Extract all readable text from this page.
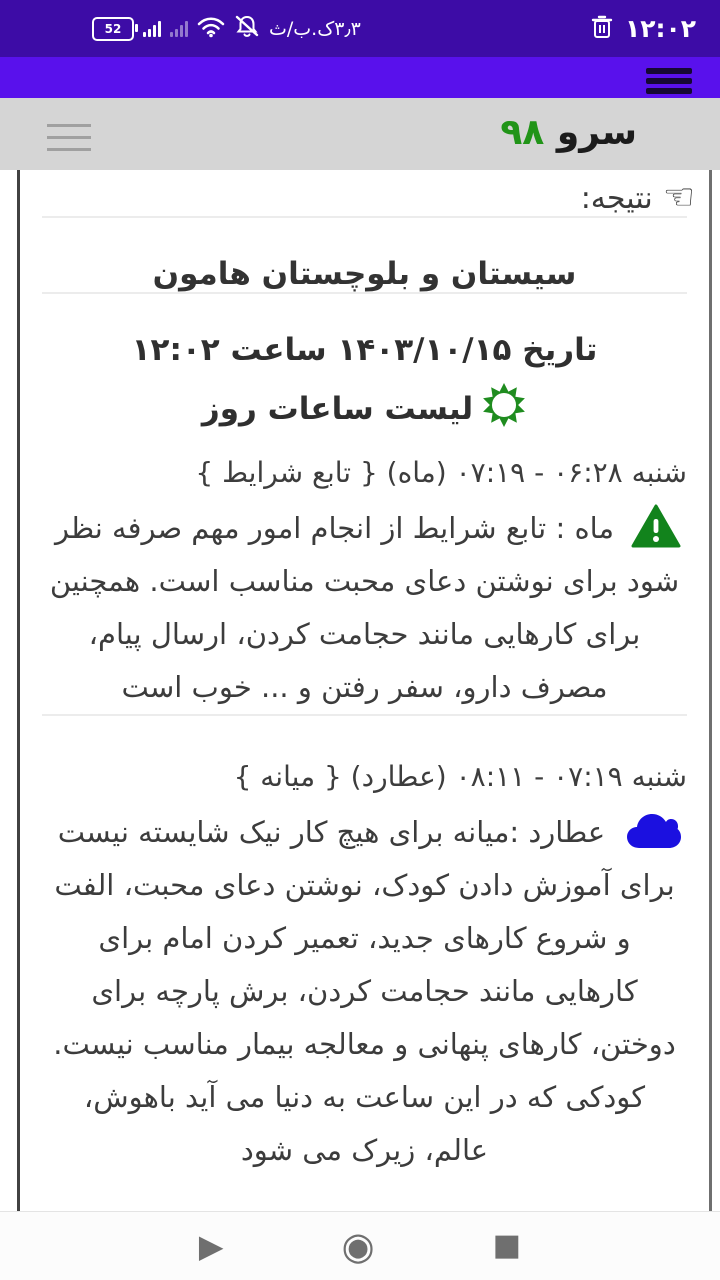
52	۳٫۳ک.ب/ث	۱۲:۰۲
سرو ۹۸
☜
نتیجه:
سیستان و بلوچستان هامون
تاریخ ۱۴۰۳/۱۰/۱۵ ساعت ۱۲:۰۲
لیست ساعات روز
شنبه ۰۶:۲۸ - ۰۷:۱۹ (ماه) { تابع شرایط }

ماه : تابع شرایط از انجام امور مهم صرفه نظر شود برای نوشتن دعای محبت مناسب است. همچنین برای کارهایی مانند حجامت کردن، ارسال پیام، مصرف دارو، سفر رفتن و ... خوب است

شنبه ۰۷:۱۹ - ۰۸:۱۱ (عطارد) { میانه }

عطارد :میانه برای هیچ کار نیک شایسته نیست برای آموزش دادن کودک، نوشتن دعای محبت، الفت و شروع کارهای جدید، تعمیر کردن امام برای کارهایی مانند حجامت کردن، برش پارچه برای دوختن، کارهای پنهانی و معالجه بیمار مناسب نیست. کودکی که در این ساعت به دنیا می آید باهوش، عالم، زیرک می شود

▶	◉	■
